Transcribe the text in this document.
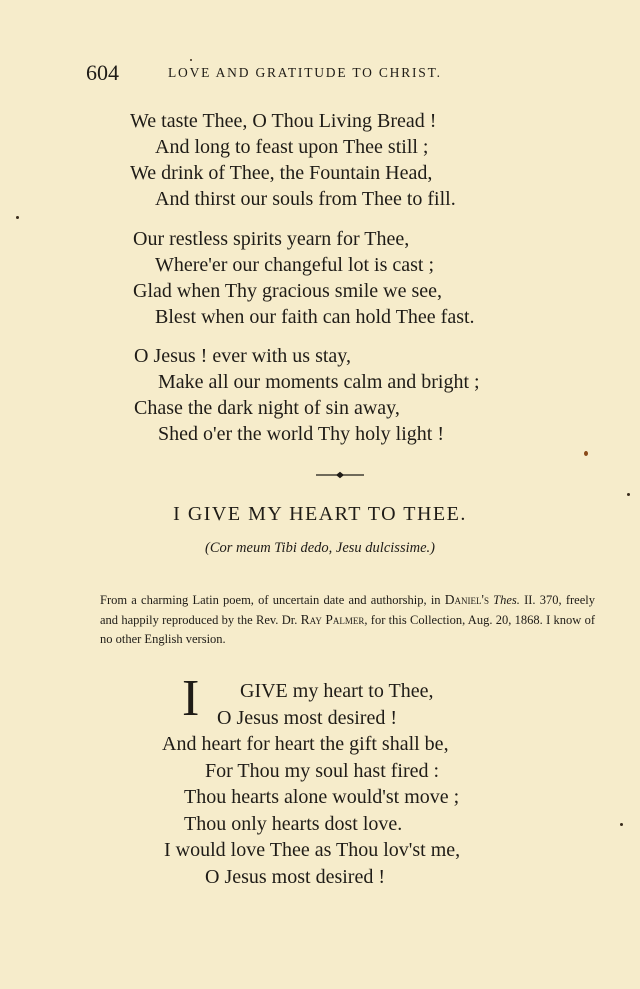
604	LOVE AND GRATITUDE TO CHRIST.
We taste Thee, O Thou Living Bread !
And long to feast upon Thee still ;
We drink of Thee, the Fountain Head,
And thirst our souls from Thee to fill.
Our restless spirits yearn for Thee,
Where'er our changeful lot is cast ;
Glad when Thy gracious smile we see,
Blest when our faith can hold Thee fast.
O Jesus ! ever with us stay,
Make all our moments calm and bright ;
Chase the dark night of sin away,
Shed o'er the world Thy holy light !
I GIVE MY HEART TO THEE.
(Cor meum Tibi dedo, Jesu dulcissime.)
From a charming Latin poem, of uncertain date and authorship, in Daniel's Thes. II. 370, freely and happily reproduced by the Rev. Dr. Ray Palmer, for this Collection, Aug. 20, 1868. I know of no other English version.
I	GIVE my heart to Thee,
O Jesus most desired !
And heart for heart the gift shall be,
For Thou my soul hast fired :
Thou hearts alone would'st move ;
Thou only hearts dost love.
I would love Thee as Thou lov'st me,
O Jesus most desired !
